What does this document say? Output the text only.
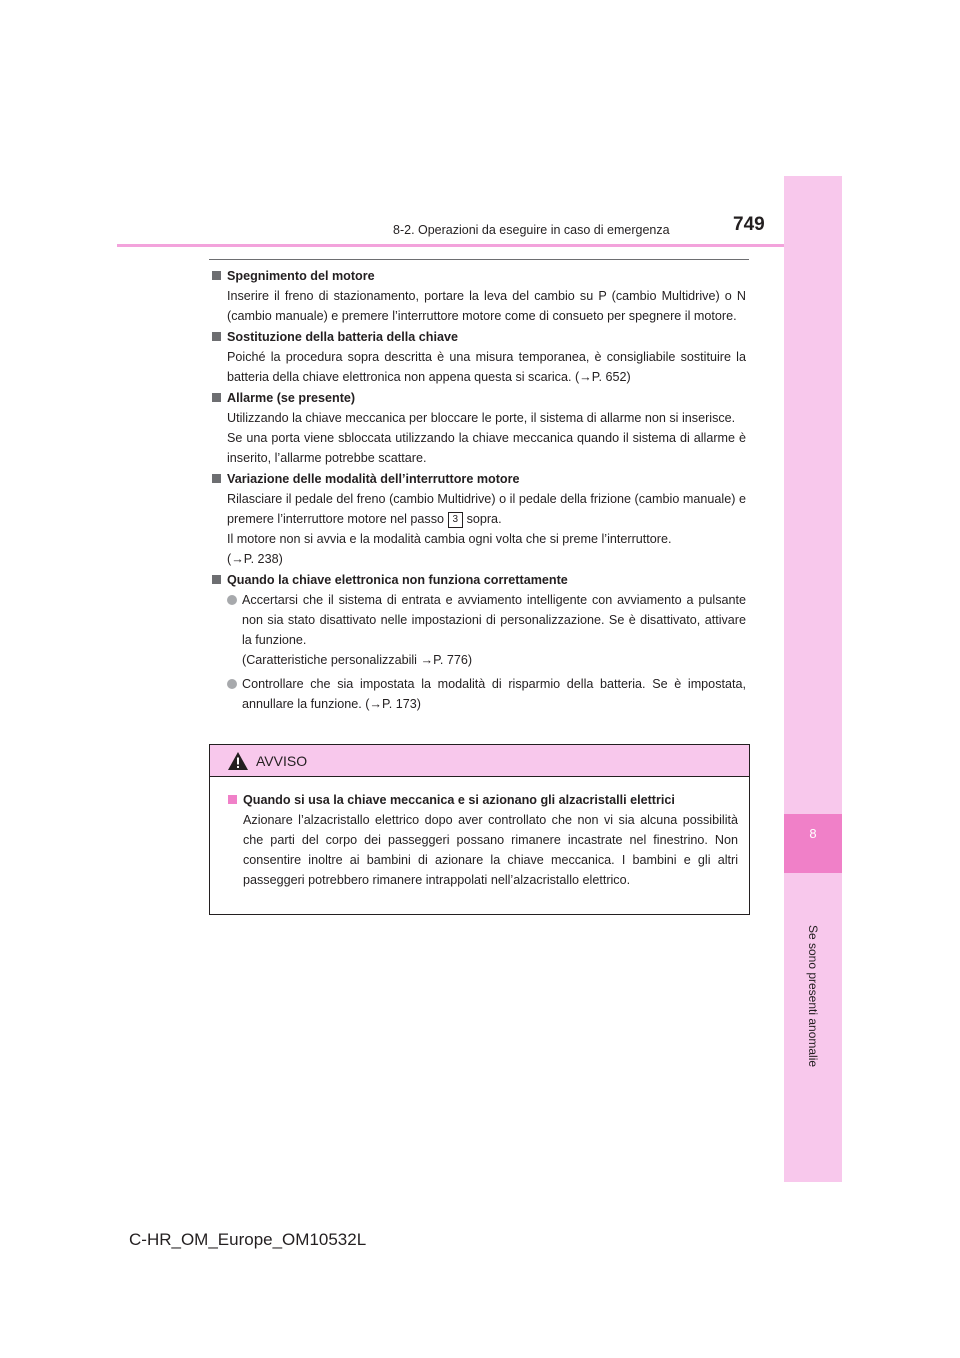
8
Se sono presenti anomalie
8-2. Operazioni da eseguire in caso di emergenza	749

Spegnimento del motore

Inserire il freno di stazionamento, portare la leva del cambio su P (cambio Multidrive) o N (cambio manuale) e premere l’interruttore motore come di consueto per spegnere il motore.

Sostituzione della batteria della chiave

Poiché la procedura sopra descritta è una misura temporanea, è consigliabile sostituire la batteria della chiave elettronica non appena questa si scarica. (→P. 652)

Allarme (se presente)

Utilizzando la chiave meccanica per bloccare le porte, il sistema di allarme non si inserisce.

Se una porta viene sbloccata utilizzando la chiave meccanica quando il sistema di allarme è inserito, l’allarme potrebbe scattare.

Variazione delle modalità dell’interruttore motore

Rilasciare il pedale del freno (cambio Multidrive) o il pedale della frizione (cambio manuale) e premere l’interruttore motore nel passo 3 sopra.

Il motore non si avvia e la modalità cambia ogni volta che si preme l’interruttore.

(→P. 238)

Quando la chiave elettronica non funziona correttamente

Accertarsi che il sistema di entrata e avviamento intelligente con avviamento a pulsante non sia stato disattivato nelle impostazioni di personalizzazione. Se è disattivato, attivare la funzione.

(Caratteristiche personalizzabili →P. 776)

Controllare che sia impostata la modalità di risparmio della batteria. Se è impostata, annullare la funzione. (→P. 173)

AVVISO

Quando si usa la chiave meccanica e si azionano gli alzacristalli elettrici

Azionare l’alzacristallo elettrico dopo aver controllato che non vi sia alcuna possibilità che parti del corpo dei passeggeri possano rimanere incastrate nel finestrino. Non consentire inoltre ai bambini di azionare la chiave meccanica. I bambini e gli altri passeggeri potrebbero rimanere intrappolati nell’alzacristallo elettrico.

C-HR_OM_Europe_OM10532L
